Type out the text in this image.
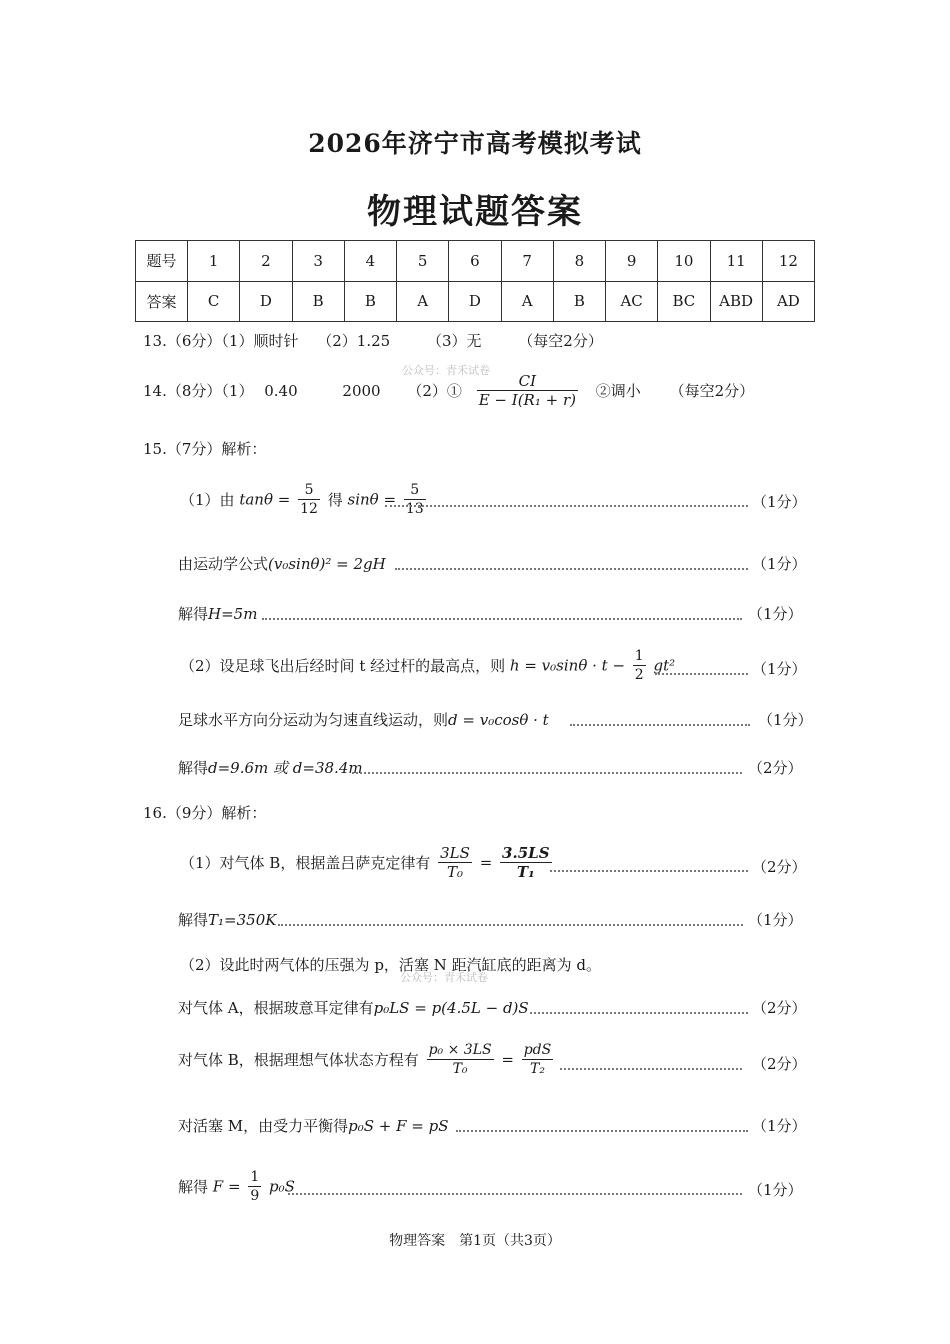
2026年济宁市高考模拟考试
物理试题答案
题号	1	2	3	4	5	6	7	8	9	10	11	12
答案	C	D	B	B	A	D	A	B	AC	BC	ABD	AD
13.（6分）（1）顺时针 （2）1.25 （3）无 （每空2分）
公众号：青禾试卷
14.（8分）（1） 0.40	2000 （2）① $\frac{CI}{\text{E − I(R₁ + r)}}$ ②调小 （每空2分）
15.（7分）解析：
（1）由 $\tan\theta = \frac{5}{12}$ 得 $\sin\theta = \frac{5}{13}$	（1分）
由运动学公式(v₀sinθ)² = 2gH	（1分）
解得H=5m	（1分）
（2）设足球飞出后经时间 t 经过杆的最高点，则 $h = v_0\sin\theta \cdot t - \frac{1}{2} gt^2$	（1分）
足球水平方向分运动为匀速直线运动，则d = v₀cosθ · t	（1分）
解得d=9.6m 或 d=38.4m	（2分）
16.（9分）解析：
（1）对气体 B，根据盖吕萨克定律有 $\frac{3LS}{\text{T₀}} = \frac{3.5LS}{\text{T₁}}$	（2分）
解得T₁=350K	（1分）
（2）设此时两气体的压强为 p，活塞 N 距汽缸底的距离为 d。
公众号：青禾试卷
对气体 A，根据玻意耳定律有p₀LS = p(4.5L − d)S	（2分）
对气体 B，根据理想气体状态方程有 $\frac{\text{p₀ × 3LS}}{\text{T₀}} = \frac{\text{pdS}}{\text{T₂}}$	（2分）
对活塞 M，由受力平衡得p₀S + F = pS	（1分）
解得 $F = \frac{1}{9} p_0S$	（1分）
物理答案　第1页（共3页）
